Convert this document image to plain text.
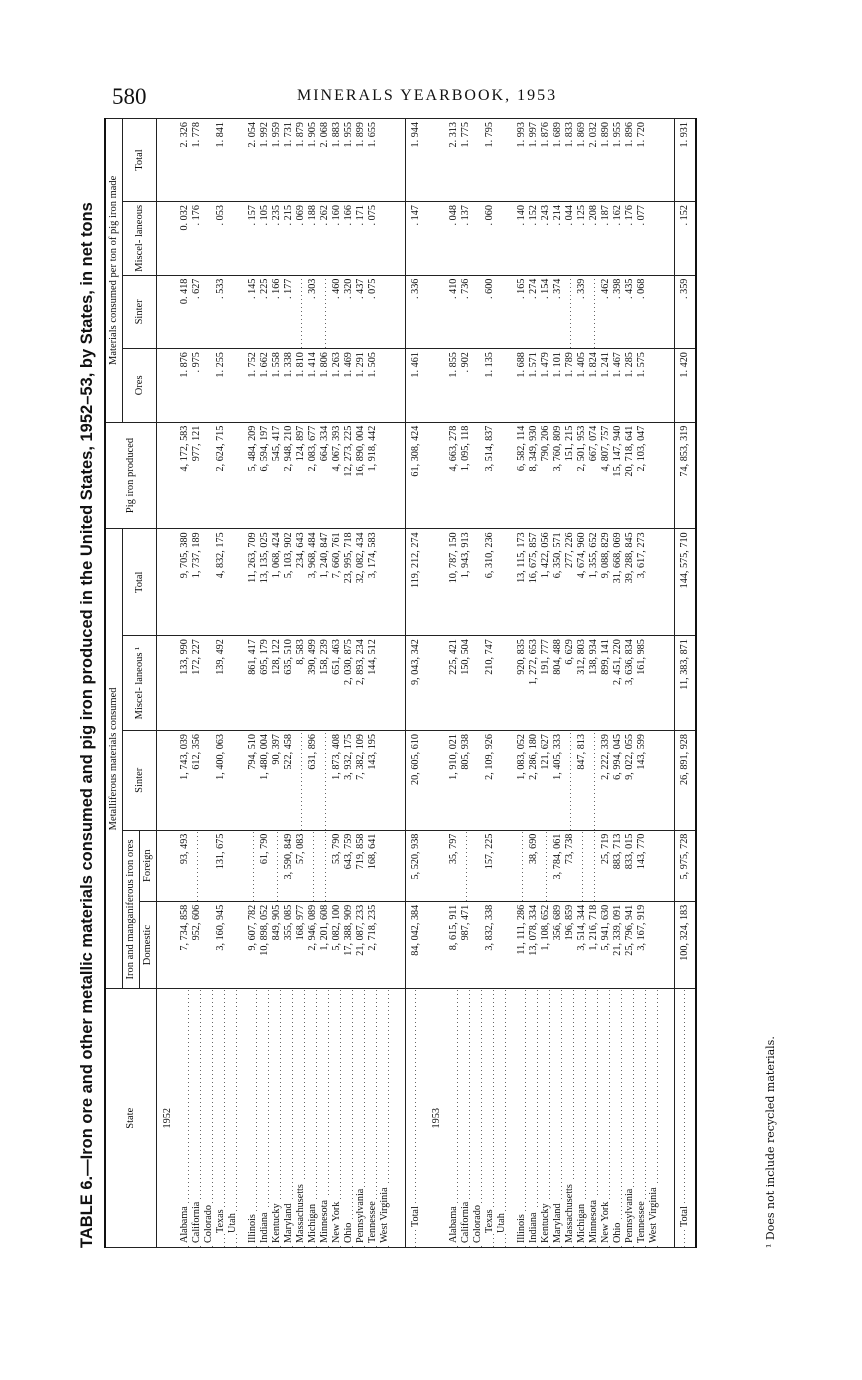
580	MINERALS YEARBOOK, 1953
TABLE 6.—Iron ore and other metallic materials consumed and pig iron produced in the United States, 1952–53, by States, in net tons	State	Metalliferous materials consumed					Pig iron produced	Materials consumed per ton of pig iron made			
	Iron and manganiferous iron ores		Sinter	Miscel- laneous ¹	Total		Ores	Sinter	Miscel- laneous	Total
	Domestic	Foreign								
1952										
Alabama	7, 734, 858	93, 493	1, 743, 039	133, 990	9, 705, 380	4, 172, 583	1. 876	0. 418	0. 032	2. 326
California	952, 606		612, 356	172, 227	1, 737, 189	977, 121	. 975	. 627	. 176	1. 778
Colorado										
Texas	3, 160, 945	131, 675	1, 400, 063	139, 492	4, 832, 175	2, 624, 715	1. 255	. 533	. 053	1. 841
Utah										

Illinois	9, 607, 782		794, 510	861, 417	11, 263, 709	5, 484, 209	1. 752	. 145	. 157	2. 054
Indiana	10, 898, 052	61, 790	1, 480, 004	695, 179	13, 135, 025	6, 594, 197	1. 662	. 225	. 105	1. 992
Kentucky	849, 905		90, 397	128, 122	1, 068, 424	545, 417	1. 558	. 166	. 235	1. 959
Maryland	355, 085	3, 590, 849	522, 458	635, 510	5, 103, 902	2, 948, 210	1. 338	. 177	. 215	1. 731
Massachusetts	168, 977	57, 083		8, 583	234, 643	124, 897	1. 810		. 069	1. 879
Michigan	2, 946, 089		631, 896	390, 499	3, 968, 484	2, 083, 677	1. 414	. 303	. 188	1. 905
Minnesota	1, 201, 608			158, 239	1, 240, 847	664, 334	1. 806		. 262	2. 068
New York	5, 082, 100	53, 790	1, 873, 408	651, 463	7, 660, 761	4, 067, 393	1. 263	. 460	. 160	1. 883
Ohio	17, 388, 909	643, 759	3, 932, 175	2, 030, 875	23, 995, 718	12, 273, 225	1. 469	. 320	. 166	1. 955
Pennsylvania	21, 087, 233	719, 858	7, 382, 109	2, 893, 234	32, 082, 434	16, 890, 004	1. 291	. 437	. 171	1. 899
Tennessee	2, 718, 235	168, 641	143, 195	144, 512	3, 174, 583	1, 918, 442	1. 505	. 075	. 075	1. 655
West Virginia										

Total	84, 042, 384	5, 520, 938	20, 605, 610	9, 043, 342	119, 212, 274	61, 308, 424	1. 461	. 336	. 147	1. 944
1953										
Alabama	8, 615, 911	35, 797	1, 910, 021	225, 421	10, 787, 150	4, 663, 278	1. 855	. 410	. 048	2. 313
California	987, 471		805, 938	150, 504	1, 943, 913	1, 095, 118	. 902	. 736	. 137	1. 775
Colorado										
Texas	3, 832, 338	157, 225	2, 109, 926	210, 747	6, 310, 236	3, 514, 837	1. 135	. 600	. 060	1. 795
Utah										

Illinois	11, 111, 286		1, 083, 052	920, 835	13, 115, 173	6, 582, 114	1. 688	. 165	. 140	1. 993
Indiana	13, 078, 334	38, 690	2, 286, 180	1, 272, 653	16, 675, 857	8, 349, 930	1. 571	. 274	. 152	1. 997
Kentucky	1, 108, 652		121, 627	191, 777	1, 422, 056	790, 206	1. 479	. 154	. 243	1. 876
Maryland	356, 689	3, 784, 061	1, 405, 333	804, 488	6, 350, 571	3, 760, 809	1. 101	. 374	. 214	1. 689
Massachusetts	196, 859	73, 738		6, 629	277, 226	151, 215	1. 789		. 044	1. 833
Michigan	3, 514, 344		847, 813	312, 803	4, 674, 960	2, 501, 953	1. 405	. 339	. 125	1. 869
Minnesota	1, 216, 718			138, 934	1, 355, 652	667, 074	1. 824		. 208	2. 032
New York	5, 941, 630	25, 719	2, 222, 339	899, 141	9, 088, 829	4, 807, 757	1. 241	. 462	. 187	1. 890
Ohio	21, 339, 091	883, 713	6, 994, 045	2, 451, 220	31, 668, 069	15, 147, 940	1. 467	. 398	. 162	1. 955
Pennsylvania	25, 796, 941	833, 015	9, 022, 055	3, 636, 834	39, 288, 845	20, 718, 641	1. 285	. 435	. 176	1. 896
Tennessee	3, 167, 919	143, 770	143, 599	161, 985	3, 617, 273	2, 103, 047	1. 575	. 068	. 077	1. 720
West Virginia										

Total	100, 324, 183	5, 975, 728	26, 891, 928	11, 383, 871	144, 575, 710	74, 853, 319	1. 420	. 359	. 152	1. 931
¹ Does not include recycled materials.
